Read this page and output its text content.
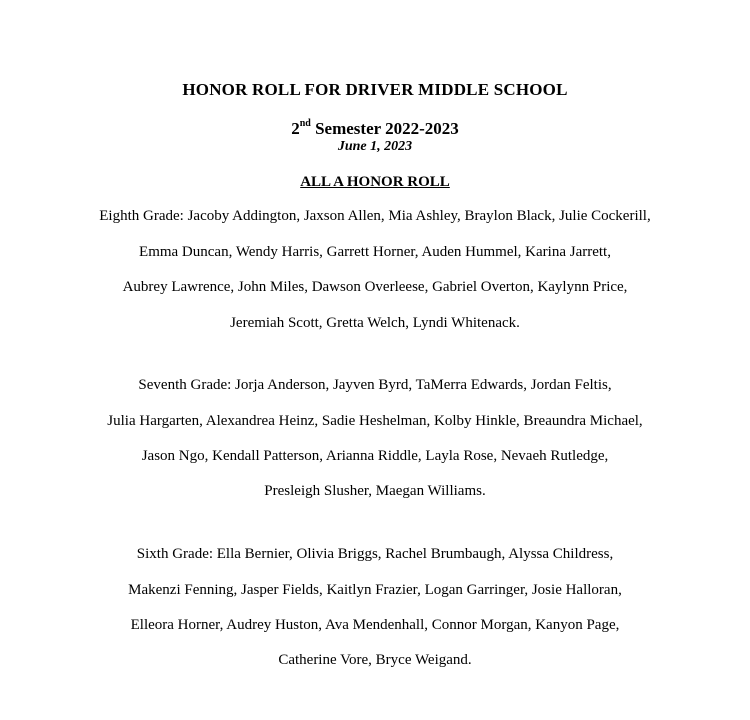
HONOR ROLL FOR DRIVER MIDDLE SCHOOL
2nd Semester 2022-2023
June 1, 2023
ALL A HONOR ROLL
Eighth Grade: Jacoby Addington, Jaxson Allen, Mia Ashley, Braylon Black, Julie Cockerill,
Emma Duncan, Wendy Harris, Garrett Horner, Auden Hummel, Karina Jarrett,
Aubrey Lawrence, John Miles, Dawson Overleese, Gabriel Overton, Kaylynn Price,
Jeremiah Scott, Gretta Welch, Lyndi Whitenack.
Seventh Grade: Jorja Anderson, Jayven Byrd, TaMerra Edwards, Jordan Feltis,
Julia Hargarten, Alexandrea Heinz, Sadie Heshelman, Kolby Hinkle, Breaundra Michael,
Jason Ngo, Kendall Patterson, Arianna Riddle, Layla Rose, Nevaeh Rutledge,
Presleigh Slusher, Maegan Williams.
Sixth Grade: Ella Bernier, Olivia Briggs, Rachel Brumbaugh, Alyssa Childress,
Makenzi Fenning, Jasper Fields, Kaitlyn Frazier, Logan Garringer, Josie Halloran,
Elleora Horner, Audrey Huston, Ava Mendenhall, Connor Morgan, Kanyon Page,
Catherine Vore, Bryce Weigand.
